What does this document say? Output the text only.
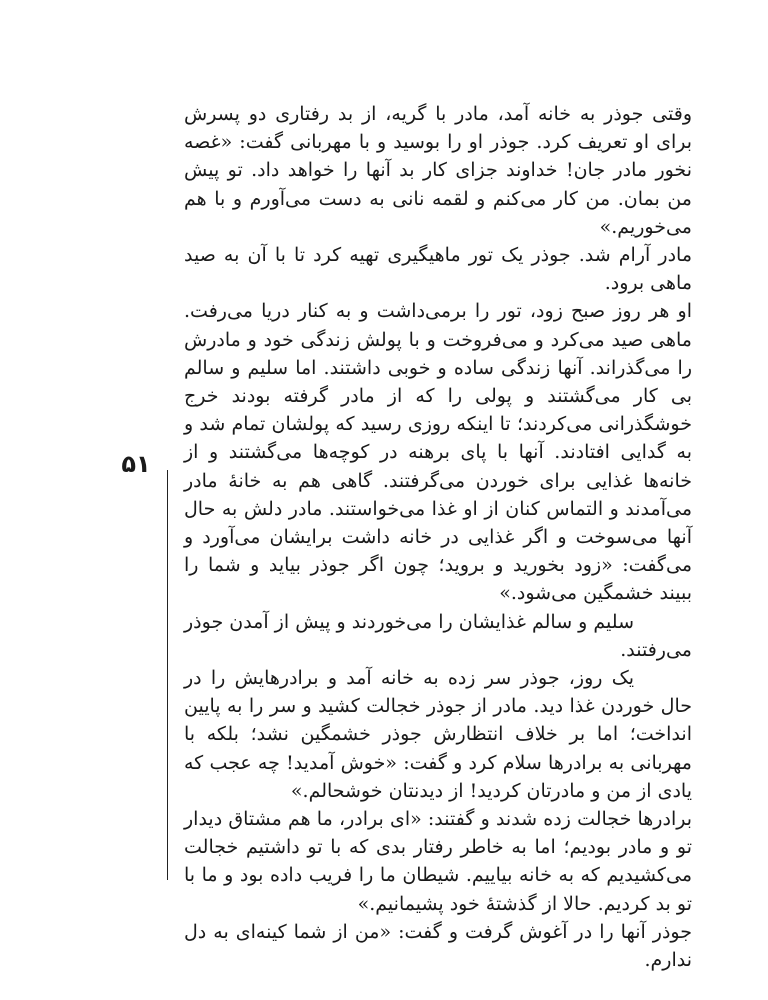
وقتی جوذر به خانه آمد، مادر با گریه، از بد رفتاری دو پسرش برای او تعریف کرد. جوذر او را بوسید و با مهربانی گفت: «غصه نخور مادر جان! خداوند جزای کار بد آنها را خواهد داد. تو پیش من بمان. من کار می‌کنم و لقمه نانی به دست می‌آورم و با هم می‌خوریم.»

مادر آرام شد. جوذر یک تور ماهیگیری تهیه کرد تا با آن به صید ماهی برود.

او هر روز صبح زود، تور را برمی‌داشت و به کنار دریا می‌رفت. ماهی صید می‌کرد و می‌فروخت و با پولش زندگی خود و مادرش را می‌گذراند. آنها زندگی ساده و خوبی داشتند. اما سلیم و سالم بی کار می‌گشتند و پولی را که از مادر گرفته بودند خرج خوشگذرانی می‌کردند؛ تا اینکه روزی رسید که پولشان تمام شد و به گدایی افتادند. آنها با پای برهنه در کوچه‌ها می‌گشتند و از خانه‌ها غذایی برای خوردن می‌گرفتند. گاهی هم به خانهٔ مادر می‌آمدند و التماس کنان از او غذا می‌خواستند. مادر دلش به حال آنها می‌سوخت و اگر غذایی در خانه داشت برایشان می‌آورد و می‌گفت: «زود بخورید و بروید؛ چون اگر جوذر بیاید و شما را ببیند خشمگین می‌شود.»

سلیم و سالم غذایشان را می‌خوردند و پیش از آمدن جوذر می‌رفتند.

یک روز، جوذر سر زده به خانه آمد و برادرهایش را در حال خوردن غذا دید. مادر از جوذر خجالت کشید و سر را به پایین انداخت؛ اما بر خلاف انتظارش جوذر خشمگین نشد؛ بلکه با مهربانی به برادرها سلام کرد و گفت: «خوش آمدید! چه عجب که یادی از من و مادرتان کردید! از دیدنتان خوشحالم.»

برادرها خجالت زده شدند و گفتند: «ای برادر، ما هم مشتاق دیدار تو و مادر بودیم؛ اما به خاطر رفتار بدی که با تو داشتیم خجالت می‌کشیدیم که به خانه بیاییم. شیطان ما را فریب داده بود و ما با تو بد کردیم. حالا از گذشتهٔ خود پشیمانیم.»

جوذر آنها را در آغوش گرفت و گفت: «من از شما کینه‌ای به دل ندارم.

۵۱
